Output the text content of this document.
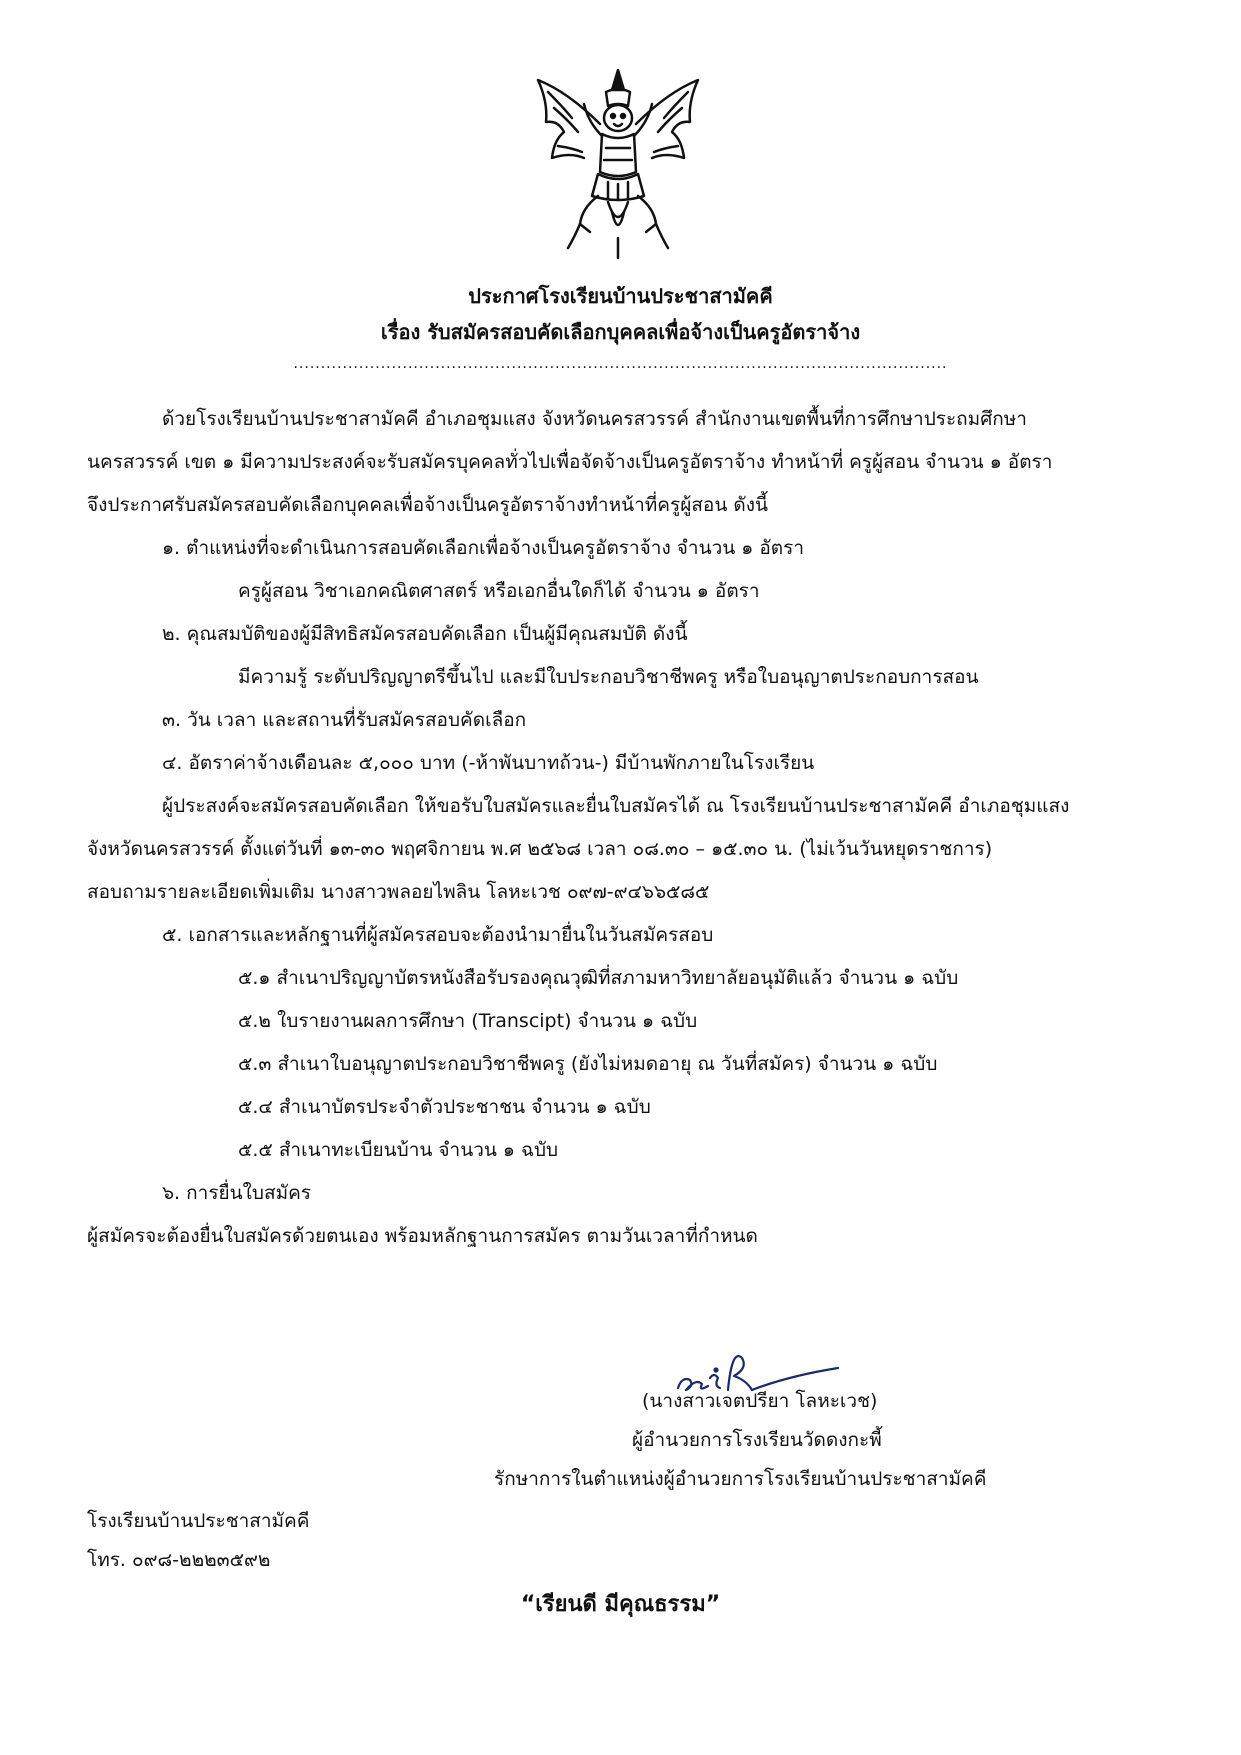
ประกาศโรงเรียนบ้านประชาสามัคคี
เรื่อง รับสมัครสอบคัดเลือกบุคคลเพื่อจ้างเป็นครูอัตราจ้าง
........................................................................................................................
ด้วยโรงเรียนบ้านประชาสามัคคี อำเภอชุมแสง จังหวัดนครสวรรค์ สำนักงานเขตพื้นที่การศึกษาประถมศึกษา
นครสวรรค์ เขต ๑ มีความประสงค์จะรับสมัครบุคคลทั่วไปเพื่อจัดจ้างเป็นครูอัตราจ้าง ทำหน้าที่ ครูผู้สอน จำนวน ๑ อัตรา
จึงประกาศรับสมัครสอบคัดเลือกบุคคลเพื่อจ้างเป็นครูอัตราจ้างทำหน้าที่ครูผู้สอน ดังนี้
๑. ตำแหน่งที่จะดำเนินการสอบคัดเลือกเพื่อจ้างเป็นครูอัตราจ้าง จำนวน ๑ อัตรา
ครูผู้สอน วิชาเอกคณิตศาสตร์ หรือเอกอื่นใดก็ได้ จำนวน ๑ อัตรา
๒. คุณสมบัติของผู้มีสิทธิสมัครสอบคัดเลือก เป็นผู้มีคุณสมบัติ ดังนี้
มีความรู้ ระดับปริญญาตรีขึ้นไป และมีใบประกอบวิชาชีพครู หรือใบอนุญาตประกอบการสอน
๓. วัน เวลา และสถานที่รับสมัครสอบคัดเลือก
๔. อัตราค่าจ้างเดือนละ ๕,๐๐๐ บาท (-ห้าพันบาทถ้วน-) มีบ้านพักภายในโรงเรียน
ผู้ประสงค์จะสมัครสอบคัดเลือก ให้ขอรับใบสมัครและยื่นใบสมัครได้ ณ โรงเรียนบ้านประชาสามัคคี อำเภอชุมแสง
จังหวัดนครสวรรค์ ตั้งแต่วันที่ ๑๓-๓๐ พฤศจิกายน พ.ศ ๒๕๖๘ เวลา ๐๘.๓๐ – ๑๕.๓๐ น. (ไม่เว้นวันหยุดราชการ)
สอบถามรายละเอียดเพิ่มเติม นางสาวพลอยไพลิน โลหะเวช ๐๙๗-๙๔๖๖๕๘๕
๕. เอกสารและหลักฐานที่ผู้สมัครสอบจะต้องนำมายื่นในวันสมัครสอบ
๕.๑ สำเนาปริญญาบัตรหนังสือรับรองคุณวุฒิที่สภามหาวิทยาลัยอนุมัติแล้ว จำนวน ๑ ฉบับ
๕.๒ ใบรายงานผลการศึกษา (Transcipt) จำนวน ๑ ฉบับ
๕.๓ สำเนาใบอนุญาตประกอบวิชาชีพครู (ยังไม่หมดอายุ ณ วันที่สมัคร) จำนวน ๑ ฉบับ
๕.๔ สำเนาบัตรประจำตัวประชาชน จำนวน ๑ ฉบับ
๕.๕ สำเนาทะเบียนบ้าน จำนวน ๑ ฉบับ
๖. การยื่นใบสมัคร
ผู้สมัครจะต้องยื่นใบสมัครด้วยตนเอง พร้อมหลักฐานการสมัคร ตามวันเวลาที่กำหนด
(นางสาวเจตปรียา โลหะเวช)
ผู้อำนวยการโรงเรียนวัดดงกะพี้
รักษาการในตำแหน่งผู้อำนวยการโรงเรียนบ้านประชาสามัคคี
โรงเรียนบ้านประชาสามัคคี
โทร. ๐๙๘-๒๒๒๓๕๙๒
“เรียนดี มีคุณธรรม”
